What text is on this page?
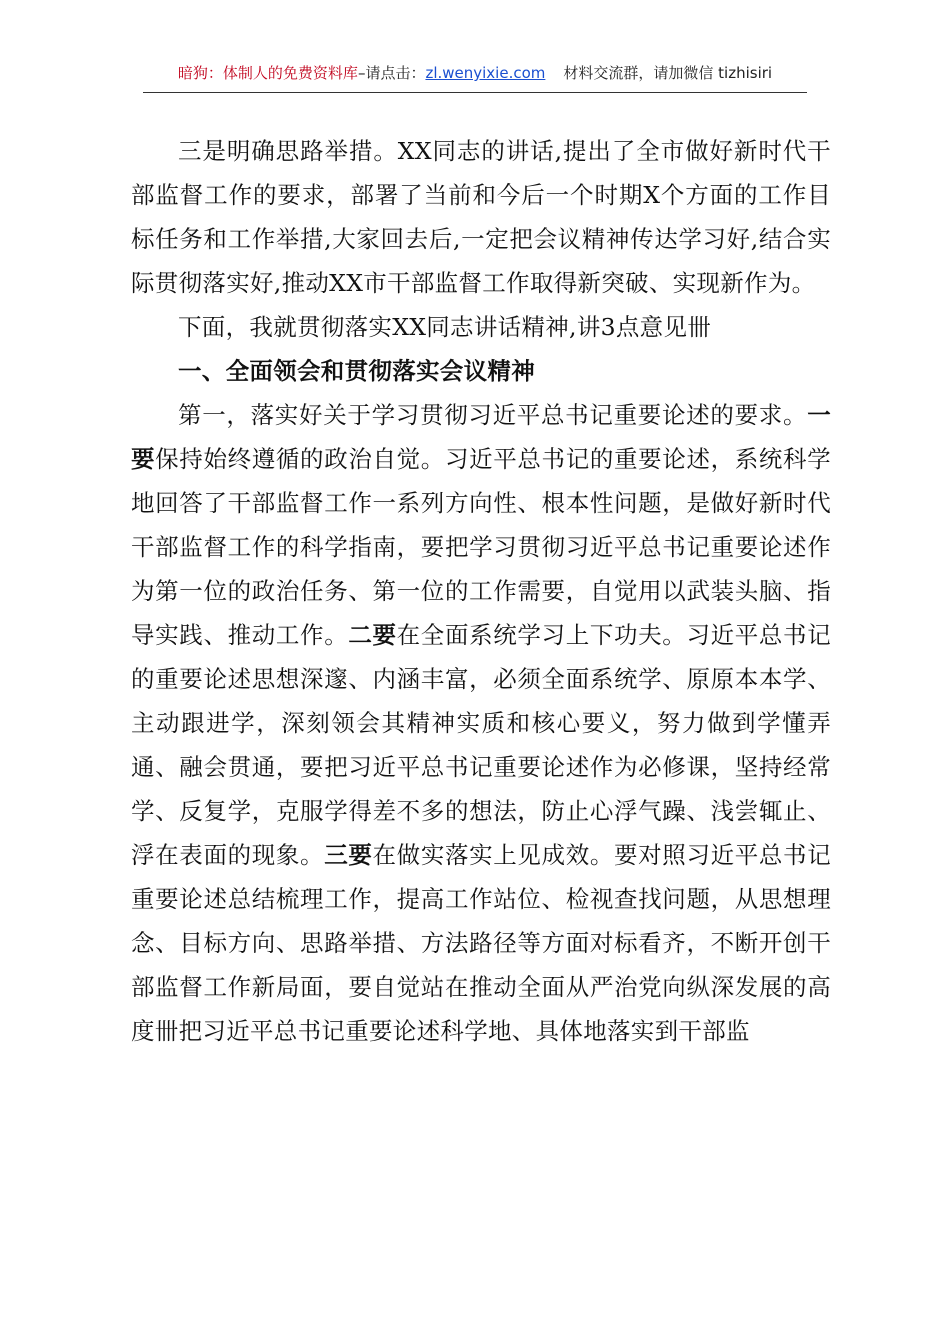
暗狗：体制人的免费资料库–请点击：zl.wenyixie.com 材料交流群，请加微信 tizhisiri

三是明确思路举措。XX同志的讲话,提出了全市做好新时代干部监督工作的要求，部署了当前和今后一个时期X个方面的工作目标任务和工作举措,大家回去后,一定把会议精神传达学习好,结合实际贯彻落实好,推动XX市干部监督工作取得新突破、实现新作为。

下面，我就贯彻落实XX同志讲话精神,讲3点意见卌

一、全面领会和贯彻落实会议精神

第一，落实好关于学习贯彻习近平总书记重要论述的要求。一要保持始终遵循的政治自觉。习近平总书记的重要论述，系统科学地回答了干部监督工作一系列方向性、根本性问题，是做好新时代干部监督工作的科学指南，要把学习贯彻习近平总书记重要论述作为第一位的政治任务、第一位的工作需要，自觉用以武装头脑、指导实践、推动工作。二要在全面系统学习上下功夫。习近平总书记的重要论述思想深邃、内涵丰富，必须全面系统学、原原本本学、主动跟进学，深刻领会其精神实质和核心要义，努力做到学懂弄通、融会贯通，要把习近平总书记重要论述作为必修课，坚持经常学、反复学，克服学得差不多的想法，防止心浮气躁、浅尝辄止、浮在表面的现象。三要在做实落实上见成效。要对照习近平总书记重要论述总结梳理工作，提高工作站位、检视查找问题，从思想理念、目标方向、思路举措、方法路径等方面对标看齐，不断开创干部监督工作新局面，要自觉站在推动全面从严治党向纵深发展的高度卌把习近平总书记重要论述科学地、具体地落实到干部监
